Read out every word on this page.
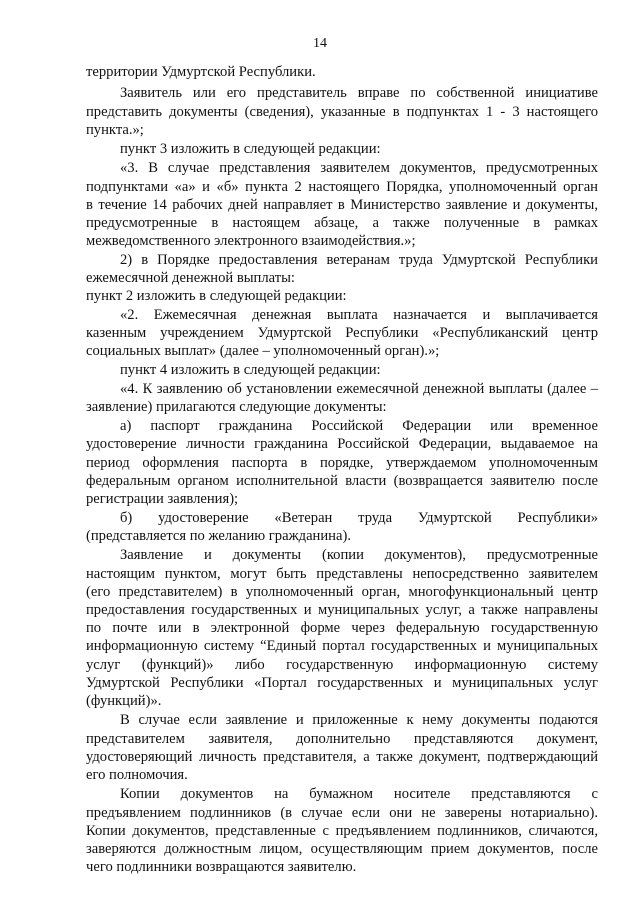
14
территории Удмуртской Республики.
Заявитель или его представитель вправе по собственной инициативе
представить документы (сведения), указанные в подпунктах 1 - 3 настоящего
пункта.»;
пункт 3 изложить в следующей редакции:
«3. В случае представления заявителем документов, предусмотренных
подпунктами «а» и «б» пункта 2 настоящего Порядка, уполномоченный орган
в течение 14 рабочих дней направляет в Министерство заявление и документы,
предусмотренные в настоящем абзаце, а также полученные в рамках
межведомственного электронного взаимодействия.»;
2) в Порядке предоставления ветеранам труда Удмуртской Республики
ежемесячной денежной выплаты:
пункт 2 изложить в следующей редакции:
«2. Ежемесячная денежная выплата назначается и выплачивается
казенным учреждением Удмуртской Республики «Республиканский центр
социальных выплат» (далее – уполномоченный орган).»;
пункт 4 изложить в следующей редакции:
«4. К заявлению об установлении ежемесячной денежной выплаты (далее –
заявление) прилагаются следующие документы:
а) паспорт гражданина Российской Федерации или временное
удостоверение личности гражданина Российской Федерации, выдаваемое на
период оформления паспорта в порядке, утверждаемом уполномоченным
федеральным органом исполнительной власти (возвращается заявителю после
регистрации заявления);
б) удостоверение «Ветеран труда Удмуртской Республики»
(представляется по желанию гражданина).
Заявление и документы (копии документов), предусмотренные
настоящим пунктом, могут быть представлены непосредственно заявителем
(его представителем) в уполномоченный орган, многофункциональный центр
предоставления государственных и муниципальных услуг, а также направлены
по почте или в электронной форме через федеральную государственную
информационную систему “Единый портал государственных и муниципальных
услуг (функций)» либо государственную информационную систему
Удмуртской Республики «Портал государственных и муниципальных услуг
(функций)».
В случае если заявление и приложенные к нему документы подаются
представителем заявителя, дополнительно представляются документ,
удостоверяющий личность представителя, а также документ, подтверждающий
его полномочия.
Копии документов на бумажном носителе представляются с
предъявлением подлинников (в случае если они не заверены нотариально).
Копии документов, представленные с предъявлением подлинников, сличаются,
заверяются должностным лицом, осуществляющим прием документов, после
чего подлинники возвращаются заявителю.
